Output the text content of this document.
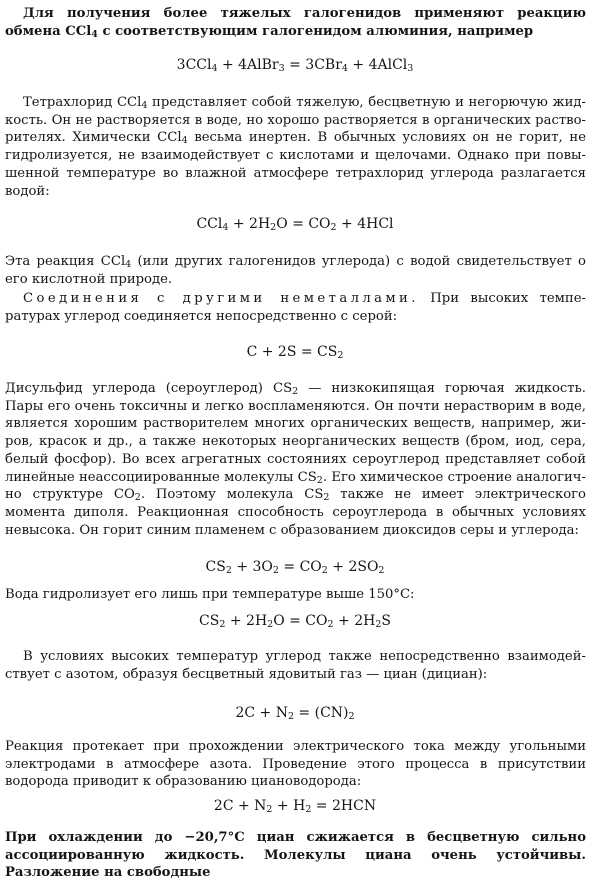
Для получения более тяжелых галогенидов применяют реакцию обмена CCl$_4$ с соответствующим галогенидом алюминия, например

3CCl$_4$ + 4AlBr$_3$ = 3CBr$_4$ + 4AlCl$_3$

Тетрахлорид CCl$_4$ представляет собой тяжелую, бесцветную и негорючую жидкость. Он не растворяется в воде, но хорошо растворяется в органических растворителях. Химически CCl$_4$ весьма инертен. В обычных условиях он не горит, не гидролизуется, не взаимодействует с кислотами и щелочами. Однако при повышенной температуре во влажной атмосфере тетрахлорид углерода разлагается водой:

$CCl_4 + 2H_2O = CO_2 + 4HCl$

Эта реакция CCl$_4$ (или других галогенидов углерода) с водой свидетельствует о его кислотной природе.

Соединения с другими неметаллами. При высоких температурах углерод соединяется непосредственно с серой:

$C + 2S = CS_2$

Дисульфид углерода (сероуглерод) $CS_2$ — низкокипящая горючая жидкость. Пары его очень токсичны и легко воспламеняются. Он почти нерастворим в воде, является хорошим растворителем многих органических веществ, например, жиров, красок и др., а также некоторых неорганических веществ (бром, иод, сера, белый фосфор). Во всех агрегатных состояниях сероуглерод представляет собой линейные неассоциированные молекулы $CS_2$. Его химическое строение аналогично структуре $CO_2$. Поэтому молекула $CS_2$ также не имеет электрического момента диполя. Реакционная способность сероуглерода в обычных условиях невысока. Он горит синим пламенем с образованием диоксидов серы и углерода:

$CS_2 + 3O_2 = CO_2 + 2SO_2$

Вода гидролизует его лишь при температуре выше 150°С:

$CS_2 + 2H_2O = CO_2 + 2H_2S$

В условиях высоких температур углерод также непосредственно взаимодействует с азотом, образуя бесцветный ядовитый газ — циан (дициан):

$2C + N_2 = (CN)_2$

Реакция протекает при прохождении электрического тока между угольными электродами в атмосфере азота. Проведение этого процесса в присутствии водорода приводит к образованию циановодорода:

$2C + N_2 + H_2 = 2HCN$

При охлаждении до −20,7°С циан сжижается в бесцветную сильно ассоциированную жидкость. Молекулы циана очень устойчивы. Разложение на свободные
